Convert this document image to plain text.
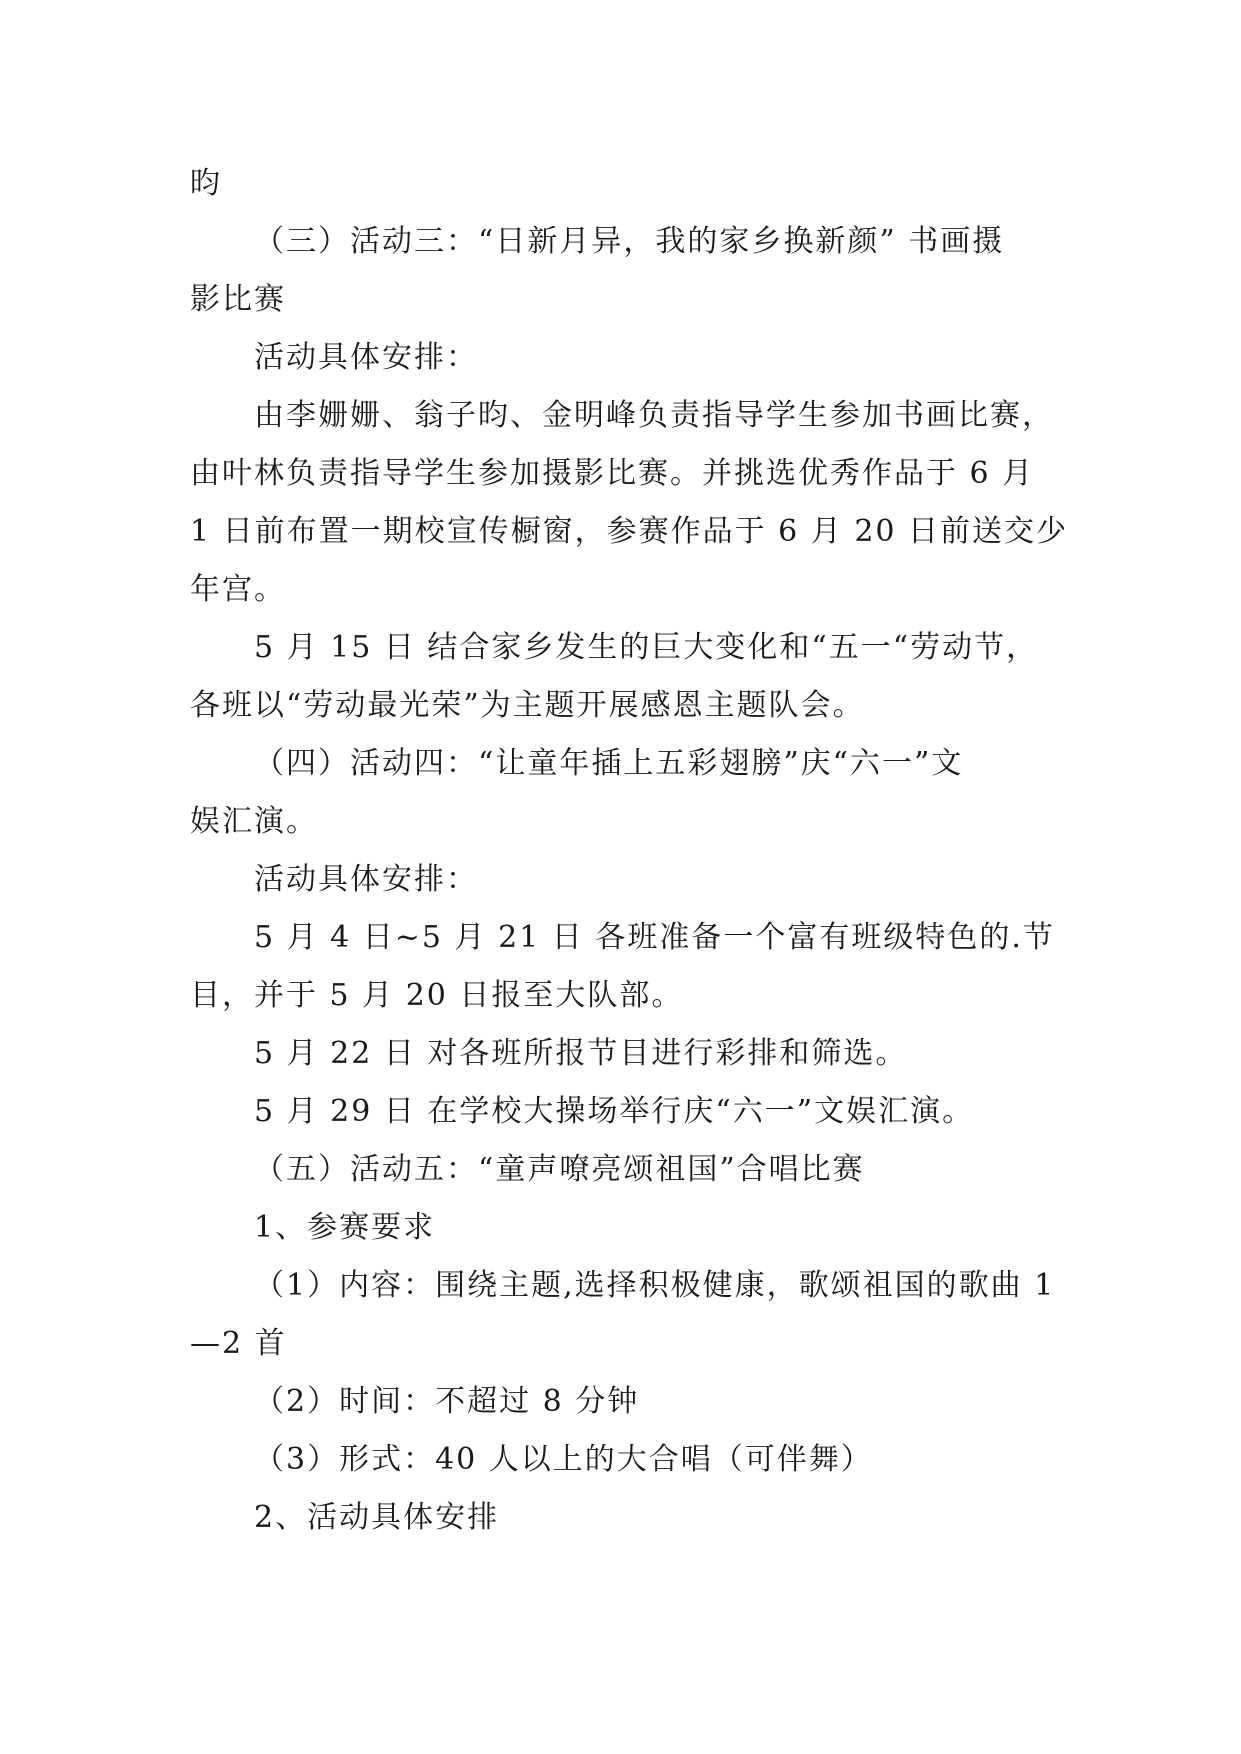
昀
（三）活动三：“日新月异，我的家乡换新颜” 书画摄
影比赛
活动具体安排：
由李姗姗、翁子昀、金明峰负责指导学生参加书画比赛，
由叶林负责指导学生参加摄影比赛。并挑选优秀作品于 6 月
1 日前布置一期校宣传橱窗，参赛作品于 6 月 20 日前送交少
年宫。
5 月 15 日 结合家乡发生的巨大变化和“五一“劳动节，
各班以“劳动最光荣”为主题开展感恩主题队会。
（四）活动四：“让童年插上五彩翅膀”庆“六一”文
娱汇演。
活动具体安排：
5 月 4 日~5 月 21 日 各班准备一个富有班级特色的.节
目，并于 5 月 20 日报至大队部。
5 月 22 日 对各班所报节目进行彩排和筛选。
5 月 29 日 在学校大操场举行庆“六一”文娱汇演。
（五）活动五：“童声嘹亮颂祖国”合唱比赛
1、参赛要求
（1）内容：围绕主题,选择积极健康，歌颂祖国的歌曲 1
—2 首
（2）时间：不超过 8 分钟
（3）形式：40 人以上的大合唱（可伴舞）
2、活动具体安排
